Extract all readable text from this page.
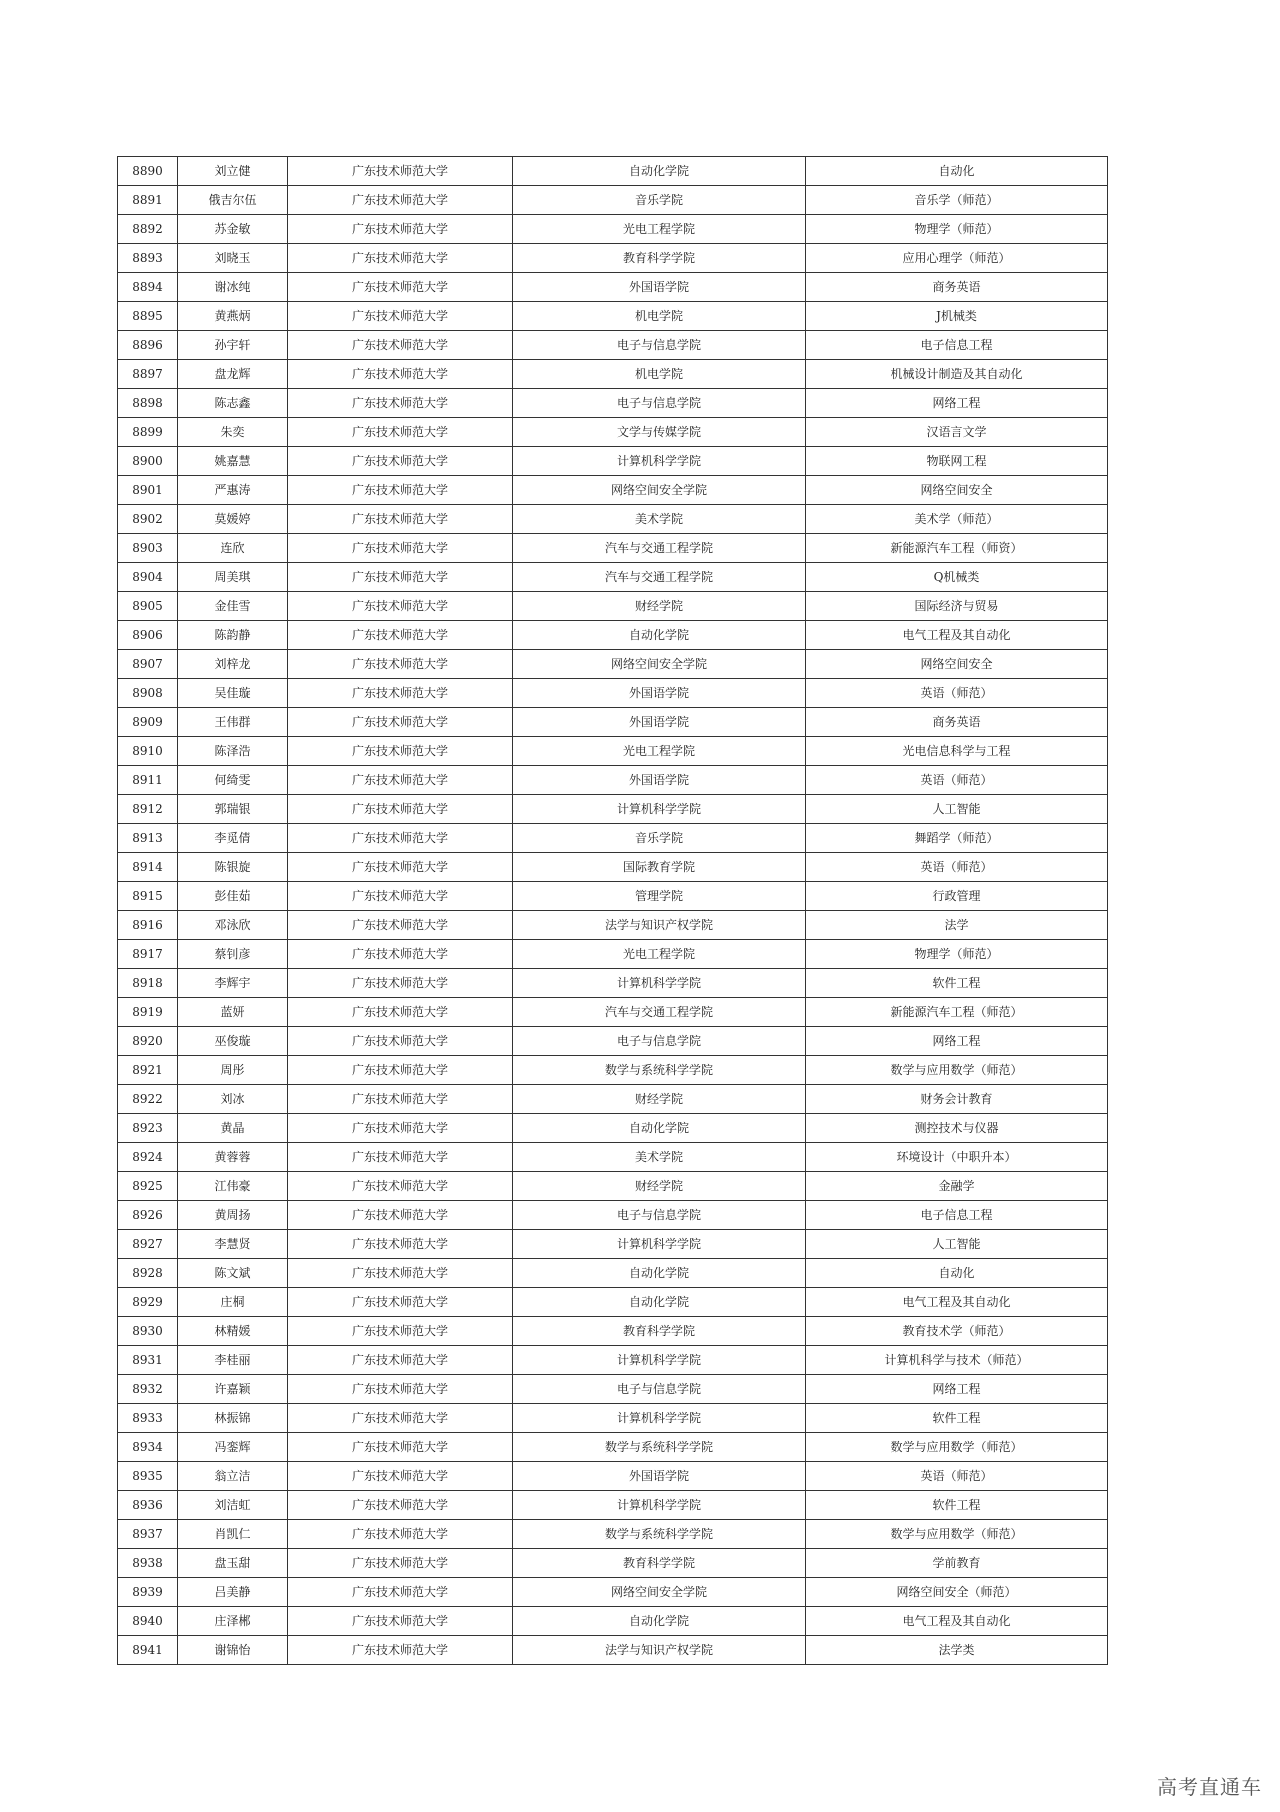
8890	刘立健	广东技术师范大学	自动化学院	自动化
8891	俄吉尔伍	广东技术师范大学	音乐学院	音乐学（师范）
8892	苏金敏	广东技术师范大学	光电工程学院	物理学（师范）
8893	刘晓玉	广东技术师范大学	教育科学学院	应用心理学（师范）
8894	谢冰纯	广东技术师范大学	外国语学院	商务英语
8895	黄燕炳	广东技术师范大学	机电学院	J机械类
8896	孙宇轩	广东技术师范大学	电子与信息学院	电子信息工程
8897	盘龙辉	广东技术师范大学	机电学院	机械设计制造及其自动化
8898	陈志鑫	广东技术师范大学	电子与信息学院	网络工程
8899	朱奕	广东技术师范大学	文学与传媒学院	汉语言文学
8900	姚嘉慧	广东技术师范大学	计算机科学学院	物联网工程
8901	严惠涛	广东技术师范大学	网络空间安全学院	网络空间安全
8902	莫媛婷	广东技术师范大学	美术学院	美术学（师范）
8903	连欣	广东技术师范大学	汽车与交通工程学院	新能源汽车工程（师资）
8904	周美琪	广东技术师范大学	汽车与交通工程学院	Q机械类
8905	金佳雪	广东技术师范大学	财经学院	国际经济与贸易
8906	陈韵静	广东技术师范大学	自动化学院	电气工程及其自动化
8907	刘梓龙	广东技术师范大学	网络空间安全学院	网络空间安全
8908	吴佳璇	广东技术师范大学	外国语学院	英语（师范）
8909	王伟群	广东技术师范大学	外国语学院	商务英语
8910	陈泽浩	广东技术师范大学	光电工程学院	光电信息科学与工程
8911	何绮雯	广东技术师范大学	外国语学院	英语（师范）
8912	郭瑞银	广东技术师范大学	计算机科学学院	人工智能
8913	李觅倩	广东技术师范大学	音乐学院	舞蹈学（师范）
8914	陈银旋	广东技术师范大学	国际教育学院	英语（师范）
8915	彭佳茹	广东技术师范大学	管理学院	行政管理
8916	邓泳欣	广东技术师范大学	法学与知识产权学院	法学
8917	蔡钊彦	广东技术师范大学	光电工程学院	物理学（师范）
8918	李辉宇	广东技术师范大学	计算机科学学院	软件工程
8919	蓝妍	广东技术师范大学	汽车与交通工程学院	新能源汽车工程（师范）
8920	巫俊璇	广东技术师范大学	电子与信息学院	网络工程
8921	周彤	广东技术师范大学	数学与系统科学学院	数学与应用数学（师范）
8922	刘冰	广东技术师范大学	财经学院	财务会计教育
8923	黄晶	广东技术师范大学	自动化学院	测控技术与仪器
8924	黄蓉蓉	广东技术师范大学	美术学院	环境设计（中职升本）
8925	江伟豪	广东技术师范大学	财经学院	金融学
8926	黄周扬	广东技术师范大学	电子与信息学院	电子信息工程
8927	李慧贤	广东技术师范大学	计算机科学学院	人工智能
8928	陈文斌	广东技术师范大学	自动化学院	自动化
8929	庄桐	广东技术师范大学	自动化学院	电气工程及其自动化
8930	林精媛	广东技术师范大学	教育科学学院	教育技术学（师范）
8931	李桂丽	广东技术师范大学	计算机科学学院	计算机科学与技术（师范）
8932	许嘉颖	广东技术师范大学	电子与信息学院	网络工程
8933	林振锦	广东技术师范大学	计算机科学学院	软件工程
8934	冯銮辉	广东技术师范大学	数学与系统科学学院	数学与应用数学（师范）
8935	翁立洁	广东技术师范大学	外国语学院	英语（师范）
8936	刘洁虹	广东技术师范大学	计算机科学学院	软件工程
8937	肖凯仁	广东技术师范大学	数学与系统科学学院	数学与应用数学（师范）
8938	盘玉甜	广东技术师范大学	教育科学学院	学前教育
8939	吕美静	广东技术师范大学	网络空间安全学院	网络空间安全（师范）
8940	庄泽郴	广东技术师范大学	自动化学院	电气工程及其自动化
8941	谢锦怡	广东技术师范大学	法学与知识产权学院	法学类
高考直通车
